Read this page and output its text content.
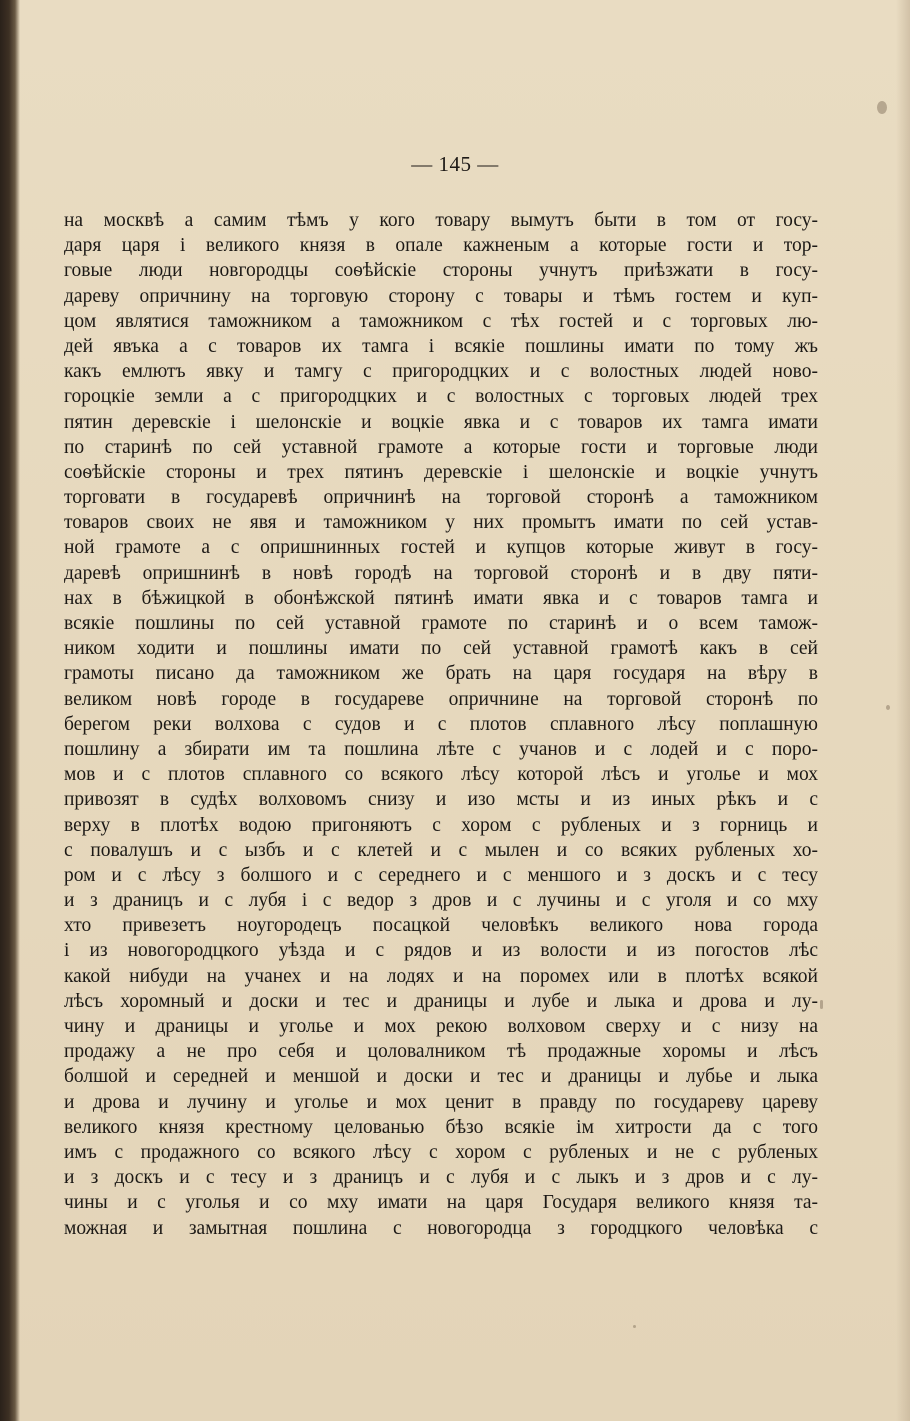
— 145 —
на москвѣ а самим тѣмъ у кого товару вымутъ быти в том от госу-
даря царя і великого князя в опале кажненым а которые гости и тор-
говые люди новгородцы соѳѣйскіе стороны учнутъ приѣзжати в госу-
дареву опричнину на торговую сторону с товары и тѣмъ гостем и куп-
цом являтися таможником а таможником с тѣх гостей и с торговых лю-
дей явъка а с товаров их тамга і всякіе пошлины имати по тому жъ
какъ емлютъ явку и тамгу с пригородцких и с волостных людей ново-
гороцкіе земли а с пригородцких и с волостных с торговых людей трех
пятин деревскіе і шелонскіе и воцкіе явка и с товаров их тамга имати
по старинѣ по сей уставной грамоте а которые гости и торговые люди
соѳѣйскіе стороны и трех пятинъ деревскіе і шелонскіе и воцкіе учнутъ
торговати в государевѣ опричнинѣ на торговой сторонѣ а таможником
товаров своих не явя и таможником у них промытъ имати по сей устав-
ной грамоте а с опришнинных гостей и купцов которые живут в госу-
даревѣ опришнинѣ в новѣ городѣ на торговой сторонѣ и в дву пяти-
нах в бѣжицкой в обонѣжской пятинѣ имати явка и с товаров тамга и
всякіе пошлины по сей уставной грамоте по старинѣ и о всем тамож-
ником ходити и пошлины имати по сей уставной грамотѣ какъ в сей
грамоты писано да таможником же брать на царя государя на вѣру в
великом новѣ городе в государеве опричнине на торговой сторонѣ по
берегом реки волхова с судов и с плотов сплавного лѣсу поплашную
пошлину а збирати им та пошлина лѣте с учанов и с лодей и с поро-
мов и с плотов сплавного со всякого лѣсу которой лѣсъ и уголье и мох
привозят в судѣх волховомъ снизу и изо мсты и из иных рѣкъ и с
верху в плотѣх водою пригоняютъ с хором с рубленых и з горниць и
с повалушъ и с ызбъ и с клетей и с мылен и со всяких рубленых хо-
ром и с лѣсу з болшого и с середнего и с меншого и з доскъ и с тесу
и з драницъ и с лубя і с ведор з дров и с лучины и с уголя и со мху
хто привезетъ ноугородецъ посацкой человѣкъ великого нова города
і из новогородцкого уѣзда и с рядов и из волости и из погостов лѣс
какой нибуди на учанех и на лодях и на поромех или в плотѣх всякой
лѣсъ хоромный и доски и тес и драницы и лубе и лыка и дрова и лу-
чину и драницы и уголье и мох рекою волховом сверху и с низу на
продажу а не про себя и цоловалником тѣ продажные хоромы и лѣсъ
болшой и середней и меншой и доски и тес и драницы и лубье и лыка
и дрова и лучину и уголье и мох ценит в правду по государеву цареву
великого князя крестному целованью бѣзо всякіе ім хитрости да с того
имъ с продажного со всякого лѣсу с хором с рубленых и не с рубленых
и з доскъ и с тесу и з драницъ и с лубя и с лыкъ и з дров и с лу-
чины и с уголья и со мху имати на царя Государя великого князя та-
можная и замытная пошлина с новогородца з городцкого человѣка с
